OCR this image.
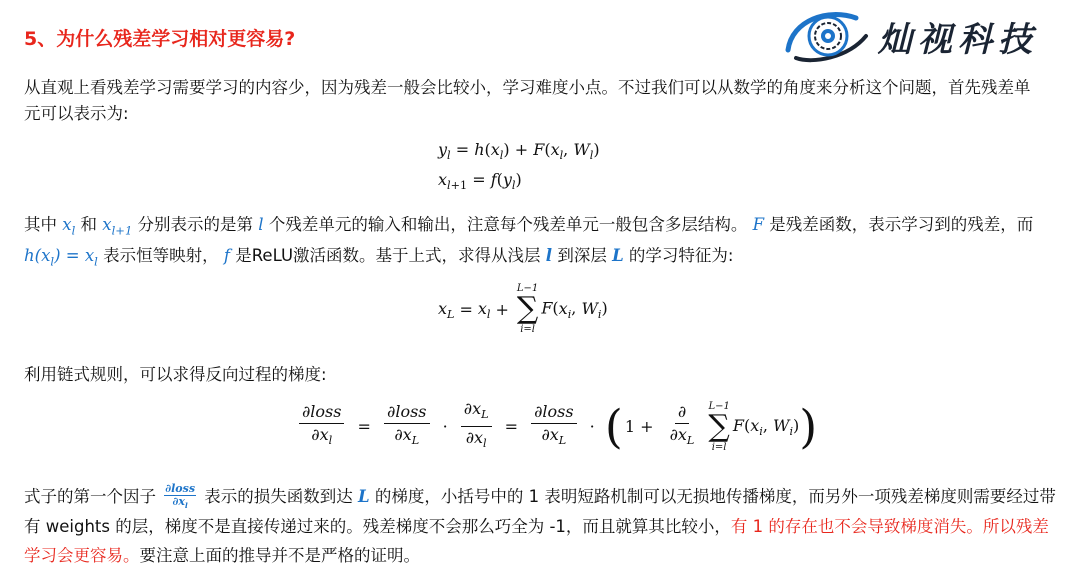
5、为什么残差学习相对更容易?	灿视科技
从直观上看残差学习需要学习的内容少，因为残差一般会比较小，学习难度小点。不过我们可以从数学的角度来分析这个问题，首先残差单元可以表示为:
$y_l = h(x_l) + F(x_l$, $W_l$)
$x_{l+1} = f(y_l)$
其中 $x_l$ 和 $x_{l+1}$ 分别表示的是第 l 个残差单元的输入和输出，注意每个残差单元一般包含多层结构。 F 是残差函数，表示学习到的残差，而 $h(x_l) = x_l$ 表示恒等映射， f 是ReLU激活函数。基于上式，求得从浅层 l 到深层 L 的学习特征为:
$x_L = x_l$ +
L−1
∑
i=l
$F(x_i$, $W_i$)
利用链式规则，可以求得反向过程的梯度:
$\frac{\text{∂loss}}{\partial x_l} = \frac{\text{∂loss}}{\partial x_L} \cdot \frac{\partial x_L}{\partial x_l} = \frac{\text{∂loss}}{\partial x_L}$ · ( $1 + \frac{\partial}{\partial x_L}$
L−1
∑
i=l
$F(x_i$, $W_i$))
式子的第一个因子 $\frac{\text{∂loss}}{\partial x_l}$ 表示的损失函数到达 L 的梯度，小括号中的 1 表明短路机制可以无损地传播梯度，而另外一项残差梯度则需要经过带有 weights 的层，梯度不是直接传递过来的。残差梯度不会那么巧全为 -1，而且就算其比较小，有 1 的存在也不会导致梯度消失。所以残差学习会更容易。要注意上面的推导并不是严格的证明。
